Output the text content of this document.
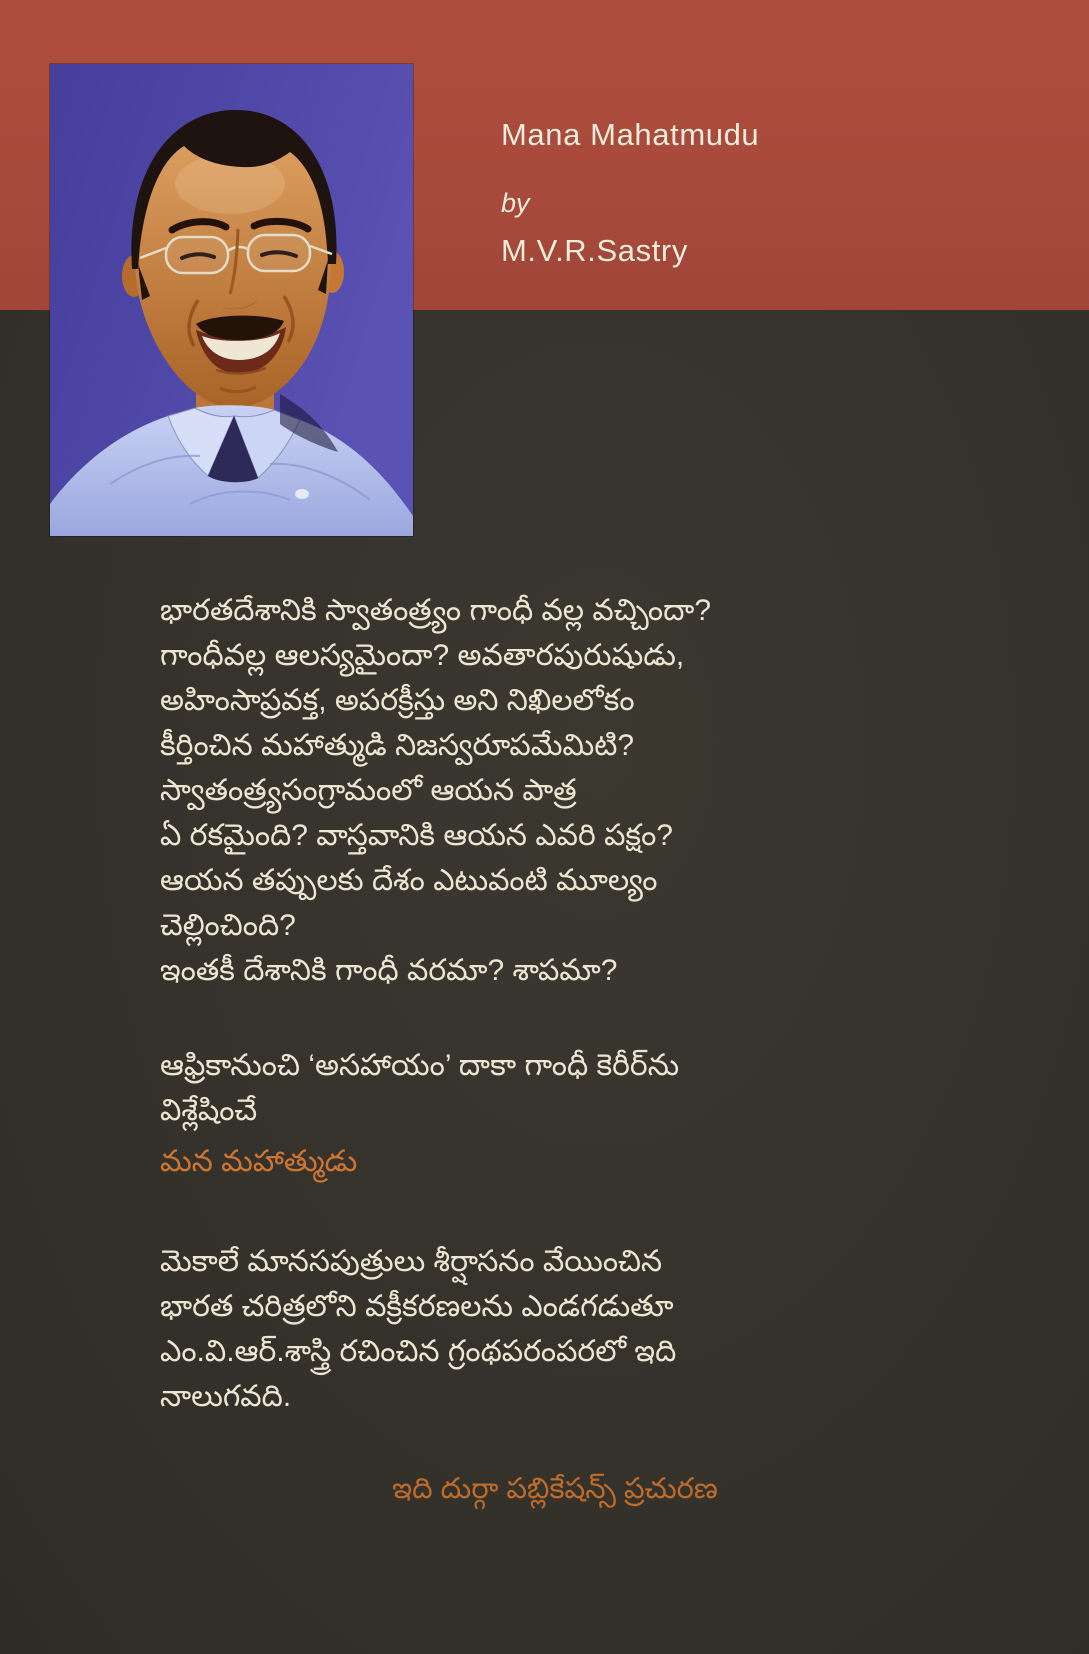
Mana Mahatmudu
by
M.V.R.Sastry
భారతదేశానికి స్వాతంత్ర్యం గాంధీ వల్ల వచ్చిందా?
గాంధీవల్ల ఆలస్యమైందా? అవతారపురుషుడు,
అహింసాప్రవక్త, అపరక్రీస్తు అని నిఖిలలోకం
కీర్తించిన మహాత్ముడి నిజస్వరూపమేమిటి?
స్వాతంత్ర్యసంగ్రామంలో ఆయన పాత్ర
ఏ రకమైంది? వాస్తవానికి ఆయన ఎవరి పక్షం?
ఆయన తప్పులకు దేశం ఎటువంటి మూల్యం
చెల్లించింది?
ఇంతకీ దేశానికి గాంధీ వరమా? శాపమా?
ఆఫ్రికానుంచి ‘అసహాయం’ దాకా గాంధీ కెరీర్‌ను
విశ్లేషించే
మన మహాత్ముడు
మెకాలే మానసపుత్రులు శీర్షాసనం వేయించిన
భారత చరిత్రలోని వక్రీకరణలను ఎండగడుతూ
ఎం.వి.ఆర్.శాస్త్రి రచించిన గ్రంథపరంపరలో ఇది
నాలుగవది.
ఇది దుర్గా పబ్లికేషన్స్ ప్రచురణ
